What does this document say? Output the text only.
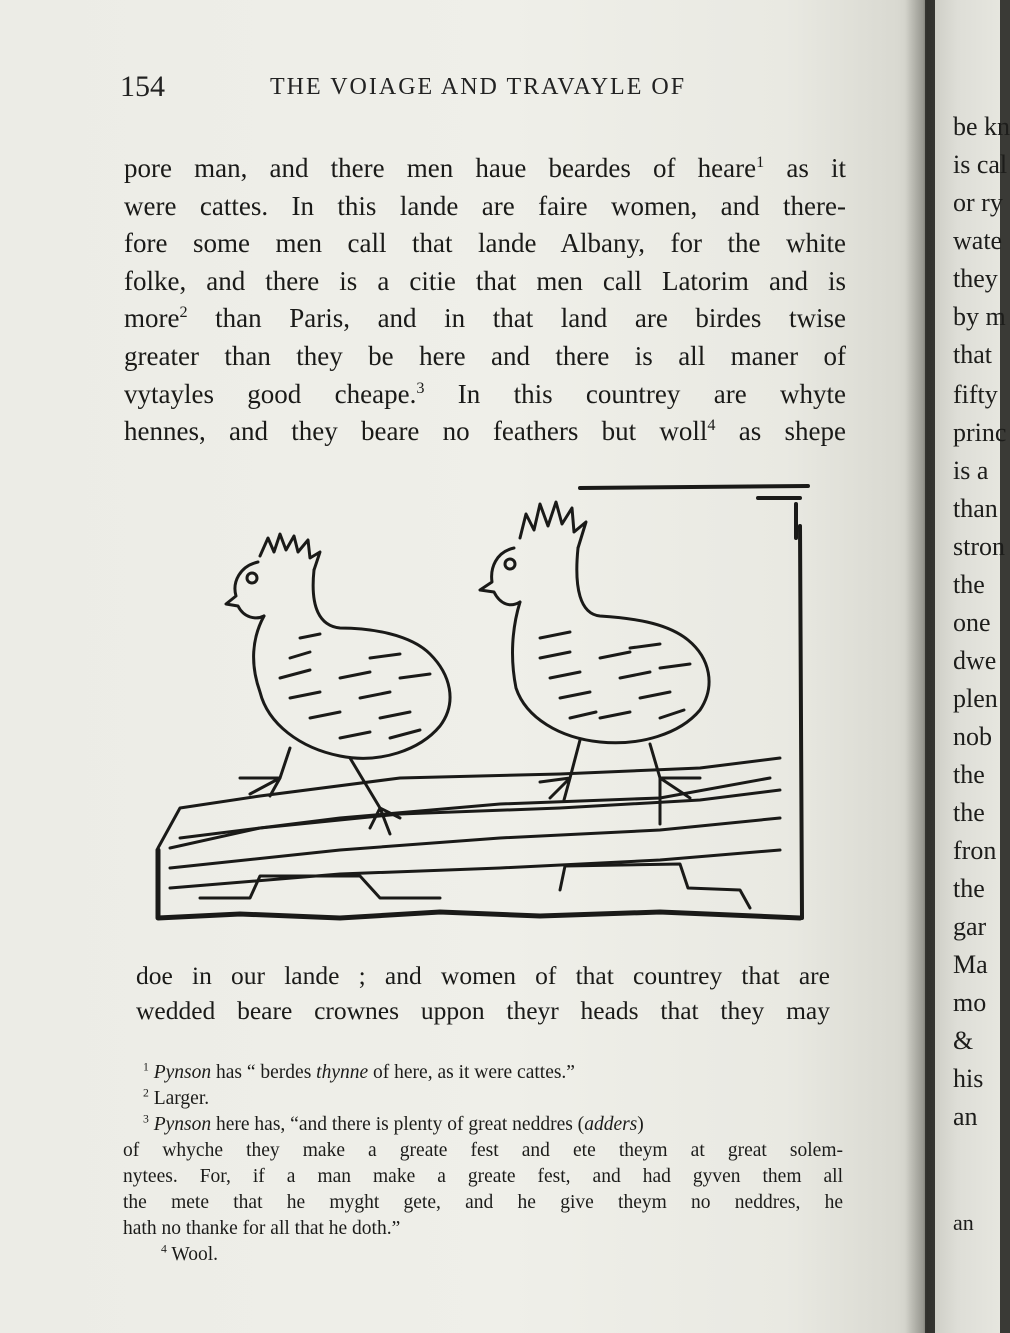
154	THE VOIAGE AND TRAVAYLE OF
pore man, and there men haue beardes of heare$^1$ as it
were cattes. In this lande are faire women, and there-
fore some men call that lande Albany, for the white
folke, and there is a citie that men call Latorim and is
more$^2$ than Paris, and in that land are birdes twise
greater than they be here and there is all maner of
vytayles good cheape.$^3$ In this countrey are whyte
hennes, and they beare no feathers but woll$^4$ as shepe
doe in our lande ; and women of that countrey that are
wedded beare crownes uppon theyr heads that they may
$^1$ Pynson has “ berdes thynne of here, as it were cattes.”
$^2$ Larger.
$^3$ Pynson here has, “and there is plenty of great neddres (adders)
of whyche they make a greate fest and ete theym at great solem-
nytees. For, if a man make a greate fest, and had gyven them all
the mete that he myght gete, and he give theym no neddres, he
hath no thanke for all that he doth.”
$^4$ Wool.
be kn
is cal
or ry
wate
they
by m
that
fifty
princ
is a
than
stron
the
one
dwe
plen
nob
the
the
fron
the
gar
Ma
mo
&
his
an
an
